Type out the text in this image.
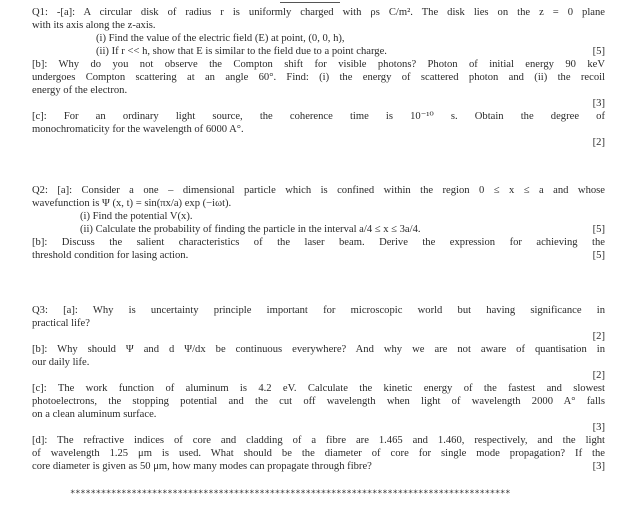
Q1: -[a]: A circular disk of radius r is uniformly charged with ρs C/m². The disk lies on the z = 0 plane
with its axis along the z-axis.
(i) Find the value of the electric field (E) at point, (0, 0, h),
(ii) If r << h, show that E is similar to the field due to a point charge.	[5]
[b]: Why do you not observe the Compton shift for visible photons? Photon of initial energy 90 keV
undergoes Compton scattering at an angle 60°. Find: (i) the energy of scattered photon and (ii) the recoil
energy of the electron.
[3]
[c]: For an ordinary light source, the coherence time is 10⁻¹⁰ s. Obtain the degree of
monochromaticity for the wavelength of 6000 A°.
[2]
Q2: [a]: Consider a one – dimensional particle which is confined within the region 0 ≤ x ≤ a and whose
wavefunction is Ψ (x, t) = sin(πx/a) exp (−iωt).
(i) Find the potential V(x).
(ii) Calculate the probability of finding the particle in the interval a/4 ≤ x ≤ 3a/4.	[5]
[b]: Discuss the salient characteristics of the laser beam. Derive the expression for achieving the
threshold condition for lasing action.	[5]
Q3: [a]: Why is uncertainty principle important for microscopic world but having significance in
practical life?
[2]
[b]: Why should Ψ and d Ψ/dx be continuous everywhere? And why we are not aware of quantisation in
our daily life.
[2]
[c]: The work function of aluminum is 4.2 eV. Calculate the kinetic energy of the fastest and slowest
photoelectrons, the stopping potential and the cut off wavelength when light of wavelength 2000 A° falls
on a clean aluminum surface.
[3]
[d]: The refractive indices of core and cladding of a fibre are 1.465 and 1.460, respectively, and the light
of wavelength 1.25 μm is used. What should be the diameter of core for single mode propagation? If the
core diameter is given as 50 μm, how many modes can propagate through fibre?	[3]
**************************************************************************************
